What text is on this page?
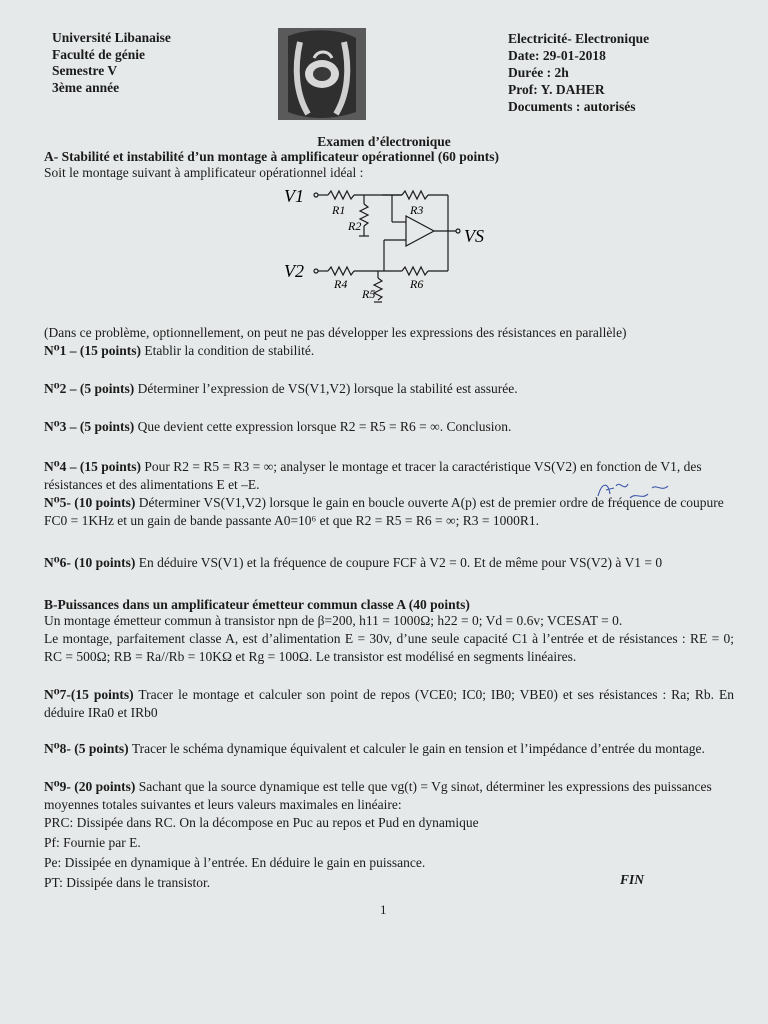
Université Libanaise
Faculté de génie
Semestre V
3ème année
Electricité- Electronique
Date: 29-01-2018
Durée : 2h
Prof: Y. DAHER
Documents : autorisés
Examen d’électronique
A- Stabilité et instabilité d’un montage à amplificateur opérationnel (60 points)
Soit le montage suivant à amplificateur opérationnel idéal :
V1
V2
VS
R1
R2
R3
R4
R5
R6
(Dans ce problème, optionnellement, on peut ne pas développer les expressions des résistances en parallèle)
N⁰1 – (15 points) Etablir la condition de stabilité.
N⁰2 – (5 points) Déterminer l’expression de VS(V1,V2) lorsque la stabilité est assurée.
N⁰3 – (5 points) Que devient cette expression lorsque R2 = R5 = R6 = ∞. Conclusion.
N⁰4 – (15 points) Pour R2 = R5 = R3 = ∞; analyser le montage et tracer la caractéristique VS(V2) en fonction de V1, des résistances et des alimentations E et –E.
N⁰5- (10 points) Déterminer VS(V1,V2) lorsque le gain en boucle ouverte A(p) est de premier ordre de fréquence de coupure FC0 = 1KHz et un gain de bande passante A0=10⁶ et que R2 = R5 = R6 = ∞; R3 = 1000R1.
N⁰6- (10 points) En déduire VS(V1) et la fréquence de coupure FCF à V2 = 0. Et de même pour VS(V2) à V1 = 0
B-Puissances dans un amplificateur émetteur commun classe A (40 points)
Un montage émetteur commun à transistor npn de β=200, h11 = 1000Ω; h22 = 0; Vd = 0.6v; VCESAT = 0.
Le montage, parfaitement classe A, est d’alimentation E = 30v, d’une seule capacité C1 à l’entrée et de résistances : RE = 0; RC = 500Ω; RB = Ra//Rb = 10KΩ et Rg = 100Ω. Le transistor est modélisé en segments linéaires.
N⁰7-(15 points) Tracer le montage et calculer son point de repos (VCE0; IC0; IB0; VBE0) et ses résistances : Ra; Rb. En déduire IRa0 et IRb0
N⁰8- (5 points) Tracer le schéma dynamique équivalent et calculer le gain en tension et l’impédance d’entrée du montage.
N⁰9- (20 points) Sachant que la source dynamique est telle que vg(t) = Vg sinωt, déterminer les expressions des puissances moyennes totales suivantes et leurs valeurs maximales en linéaire:
PRC: Dissipée dans RC. On la décompose en Puc au repos et Pud en dynamique
Pf: Fournie par E.
Pe: Dissipée en dynamique à l’entrée. En déduire le gain en puissance.
PT: Dissipée dans le transistor.	FIN
1
